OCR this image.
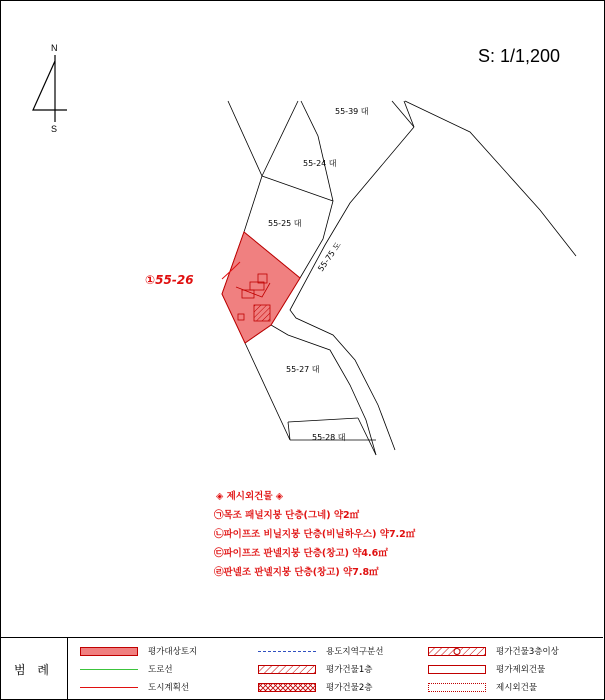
S: 1/1,200
N
S
55-39 대
55-24 대
55-25 대
55-75 도
55-27 대
55-28 대
①55-26
◈ 제시외건물 ◈
㉠목조 패널지붕 단층(그네) 약2㎡
㉡파이프조 비닐지붕 단층(비닐하우스) 약7.2㎡
㉢파이프조 판넬지붕 단층(창고) 약4.6㎡
㉣판넬조 판넬지붕 단층(창고) 약7.8㎡
범 례
평가대상토지
도로선
도시계획선
용도지역구분선
평가건물1층
평가건물2층
평가건물3층이상
평가제외건물
제시외건물
